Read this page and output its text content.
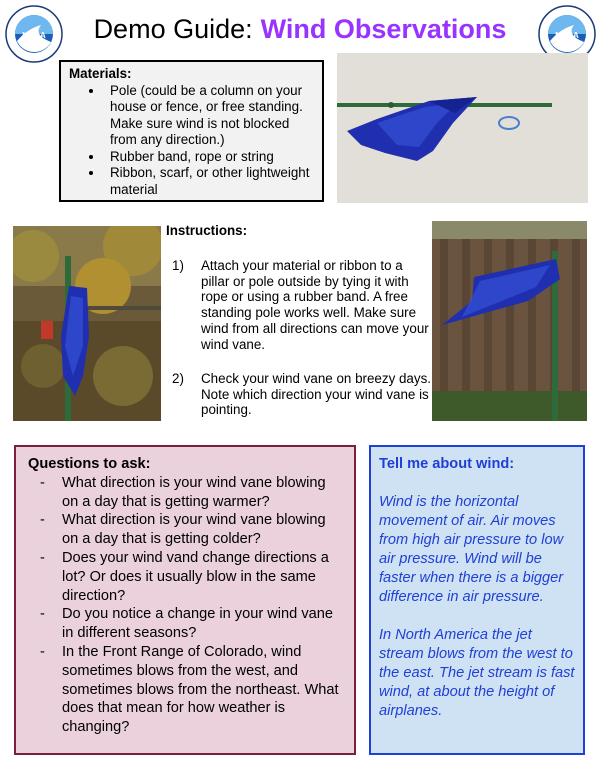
NOAA	NOAA
Demo Guide: Wind Observations
Materials:
• Pole (could be a column on your house or fence, or free standing. Make sure wind is not blocked from any direction.)
• Rubber band, rope or string
• Ribbon, scarf, or other lightweight material
Instructions:
1) Attach your material or ribbon to a pillar or pole outside by tying it with rope or using a rubber band. A free standing pole works well. Make sure wind from all directions can move your wind vane.
2) Check your wind vane on breezy days. Note which direction your wind vane is pointing.
Questions to ask:
- What direction is your wind vane blowing on a day that is getting warmer?
- What direction is your wind vane blowing on a day that is getting colder?
- Does your wind vand change directions a lot? Or does it usually blow in the same direction?
- Do you notice a change in your wind vane in different seasons?
- In the Front Range of Colorado, wind sometimes blows from the west, and sometimes blows from the northeast. What does that mean for how weather is changing?
Tell me about wind:

Wind is the horizontal movement of air. Air moves from high air pressure to low air pressure. Wind will be faster when there is a bigger difference in air pressure.

In North America the jet stream blows from the west to the east. The jet stream is fast wind, at about the height of airplanes.
